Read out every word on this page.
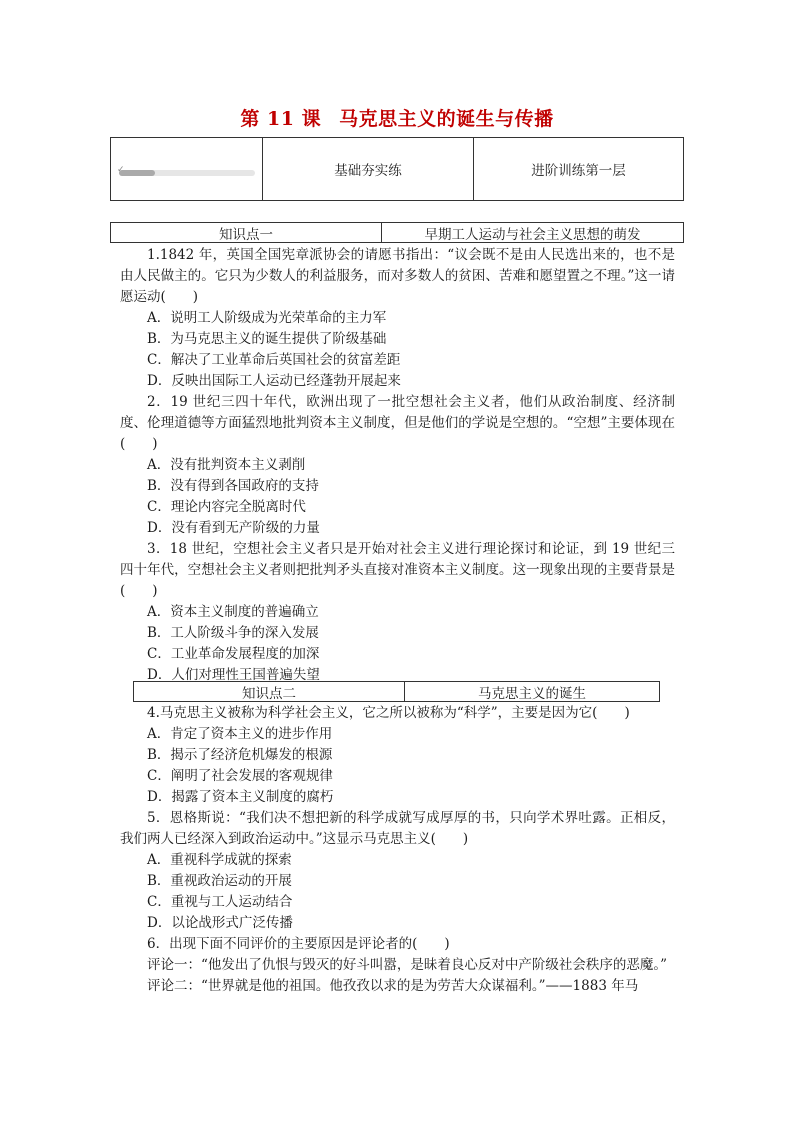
第 11 课 马克思主义的诞生与传播
✓	基础夯实练	进阶训练第一层
知识点一	早期工人运动与社会主义思想的萌发

1.1842 年，英国全国宪章派协会的请愿书指出：“议会既不是由人民选出来的，也不是由人民做主的。它只为少数人的利益服务，而对多数人的贫困、苦难和愿望置之不理。”这一请愿运动(　　)

A．说明工人阶级成为光荣革命的主力军

B．为马克思主义的诞生提供了阶级基础

C．解决了工业革命后英国社会的贫富差距

D．反映出国际工人运动已经蓬勃开展起来

2．19 世纪三四十年代，欧洲出现了一批空想社会主义者，他们从政治制度、经济制度、伦理道德等方面猛烈地批判资本主义制度，但是他们的学说是空想的。“空想”主要体现在(　　)

A．没有批判资本主义剥削

B．没有得到各国政府的支持

C．理论内容完全脱离时代

D．没有看到无产阶级的力量

3．18 世纪，空想社会主义者只是开始对社会主义进行理论探讨和论证，到 19 世纪三四十年代，空想社会主义者则把批判矛头直接对准资本主义制度。这一现象出现的主要背景是(　　)

A．资本主义制度的普遍确立

B．工人阶级斗争的深入发展

C．工业革命发展程度的加深

D．人们对理性王国普遍失望

知识点二	马克思主义的诞生

4.马克思主义被称为科学社会主义，它之所以被称为“科学”，主要是因为它(　　)

A．肯定了资本主义的进步作用

B．揭示了经济危机爆发的根源

C．阐明了社会发展的客观规律

D．揭露了资本主义制度的腐朽

5．恩格斯说：“我们决不想把新的科学成就写成厚厚的书，只向学术界吐露。正相反，我们两人已经深入到政治运动中。”这显示马克思主义(　　)

A．重视科学成就的探索

B．重视政治运动的开展

C．重视与工人运动结合

D．以论战形式广泛传播

6．出现下面不同评价的主要原因是评论者的(　　)

评论一：“他发出了仇恨与毁灭的好斗叫嚣，是昧着良心反对中产阶级社会秩序的恶魔。”

评论二：“世界就是他的祖国。他孜孜以求的是为劳苦大众谋福利。”——1883 年马
